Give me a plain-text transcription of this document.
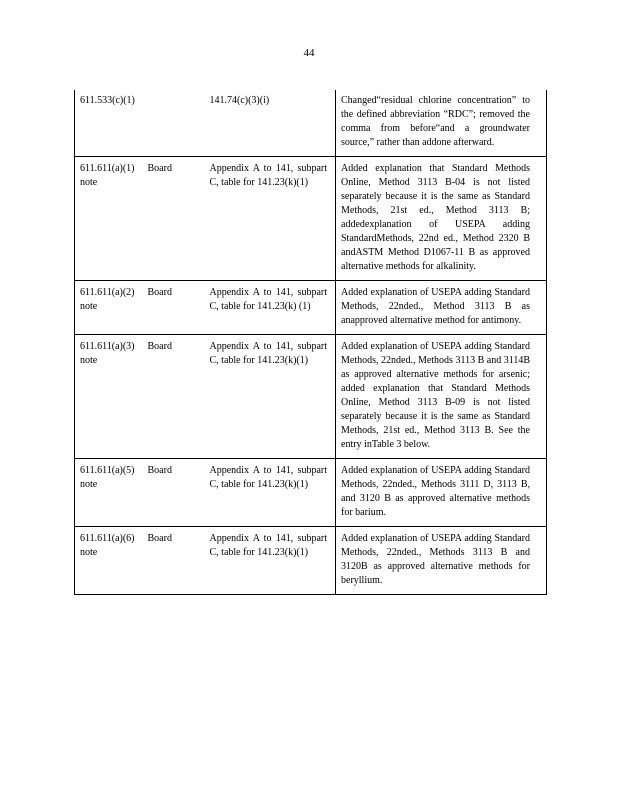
44
611.533(c)(1)		141.74(c)(3)(i)	Changed“residual chlorine concentration” to the defined abbreviation “RDC”; removed the comma from before“and a groundwater source,” rather than addone afterward.
611.611(a)(1) note	Board	Appendix A to 141, subpart C, table for 141.23(k)(1)	Added explanation that Standard Methods Online, Method 3113 B-04 is not listed separately because it is the same as Standard Methods, 21st ed., Method 3113 B; addedexplanation of USEPA adding StandardMethods, 22nd ed., Method 2320 B andASTM Method D1067-11 B as approved alternative methods for alkalinity.
611.611(a)(2) note	Board	Appendix A to 141, subpart C, table for 141.23(k) (1)	Added explanation of USEPA adding Standard Methods, 22nded., Method 3113 B as anapproved alternative method for antimony.
611.611(a)(3) note	Board	Appendix A to 141, subpart C, table for 141.23(k)(1)	Added explanation of USEPA adding Standard Methods, 22nded., Methods 3113 B and 3114B as approved alternative methods for arsenic; added explanation that Standard Methods Online, Method 3113 B-09 is not listed separately because it is the same as Standard Methods, 21st ed., Method 3113 B. See the entry inTable 3 below.
611.611(a)(5) note	Board	Appendix A to 141, subpart C, table for 141.23(k)(1)	Added explanation of USEPA adding Standard Methods, 22nded., Methods 3111 D, 3113 B, and 3120 B as approved alternative methods for barium.
611.611(a)(6) note	Board	Appendix A to 141, subpart C, table for 141.23(k)(1)	Added explanation of USEPA adding Standard Methods, 22nded., Methods 3113 B and 3120B as approved alternative methods for beryllium.
